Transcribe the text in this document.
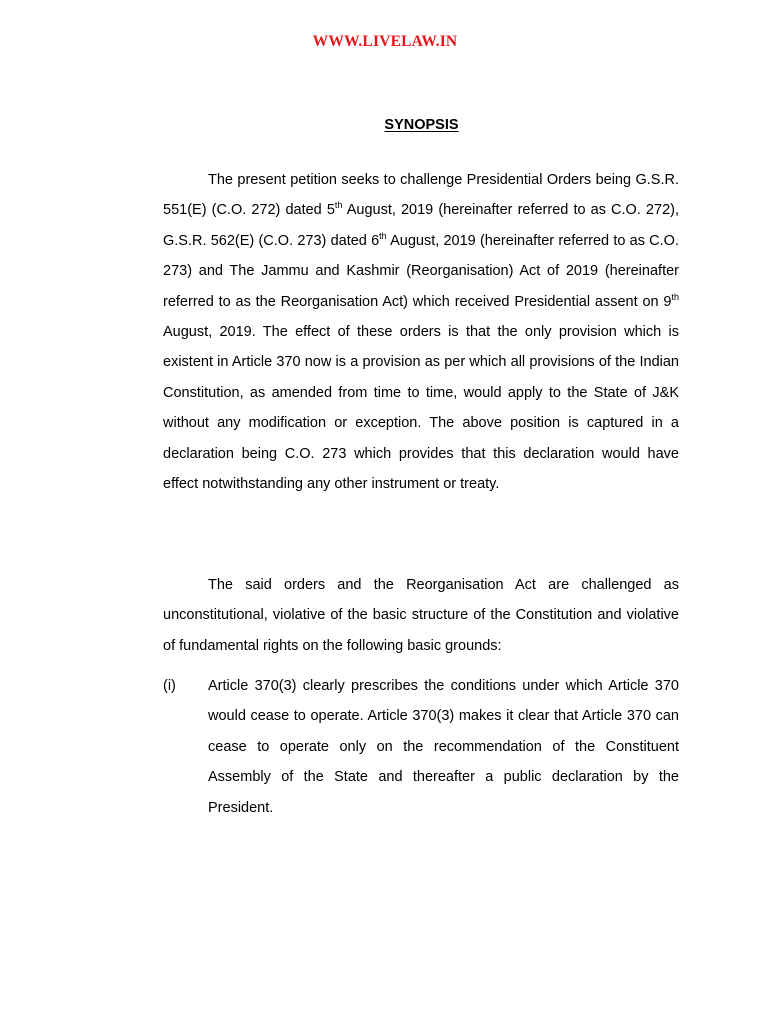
WWW.LIVELAW.IN
SYNOPSIS

The present petition seeks to challenge Presidential Orders being G.S.R. 551(E) (C.O. 272) dated 5th August, 2019 (hereinafter referred to as C.O. 272), G.S.R. 562(E) (C.O. 273) dated 6th August, 2019 (hereinafter referred to as C.O. 273) and The Jammu and Kashmir (Reorganisation) Act of 2019 (hereinafter referred to as the Reorganisation Act) which received Presidential assent on 9th August, 2019. The effect of these orders is that the only provision which is existent in Article 370 now is a provision as per which all provisions of the Indian Constitution, as amended from time to time, would apply to the State of J&K without any modification or exception. The above position is captured in a declaration being C.O. 273 which provides that this declaration would have effect notwithstanding any other instrument or treaty.

The said orders and the Reorganisation Act are challenged as unconstitutional, violative of the basic structure of the Constitution and violative of fundamental rights on the following basic grounds:

(i) Article 370(3) clearly prescribes the conditions under which Article 370 would cease to operate. Article 370(3) makes it clear that Article 370 can cease to operate only on the recommendation of the Constituent Assembly of the State and thereafter a public declaration by the President.
